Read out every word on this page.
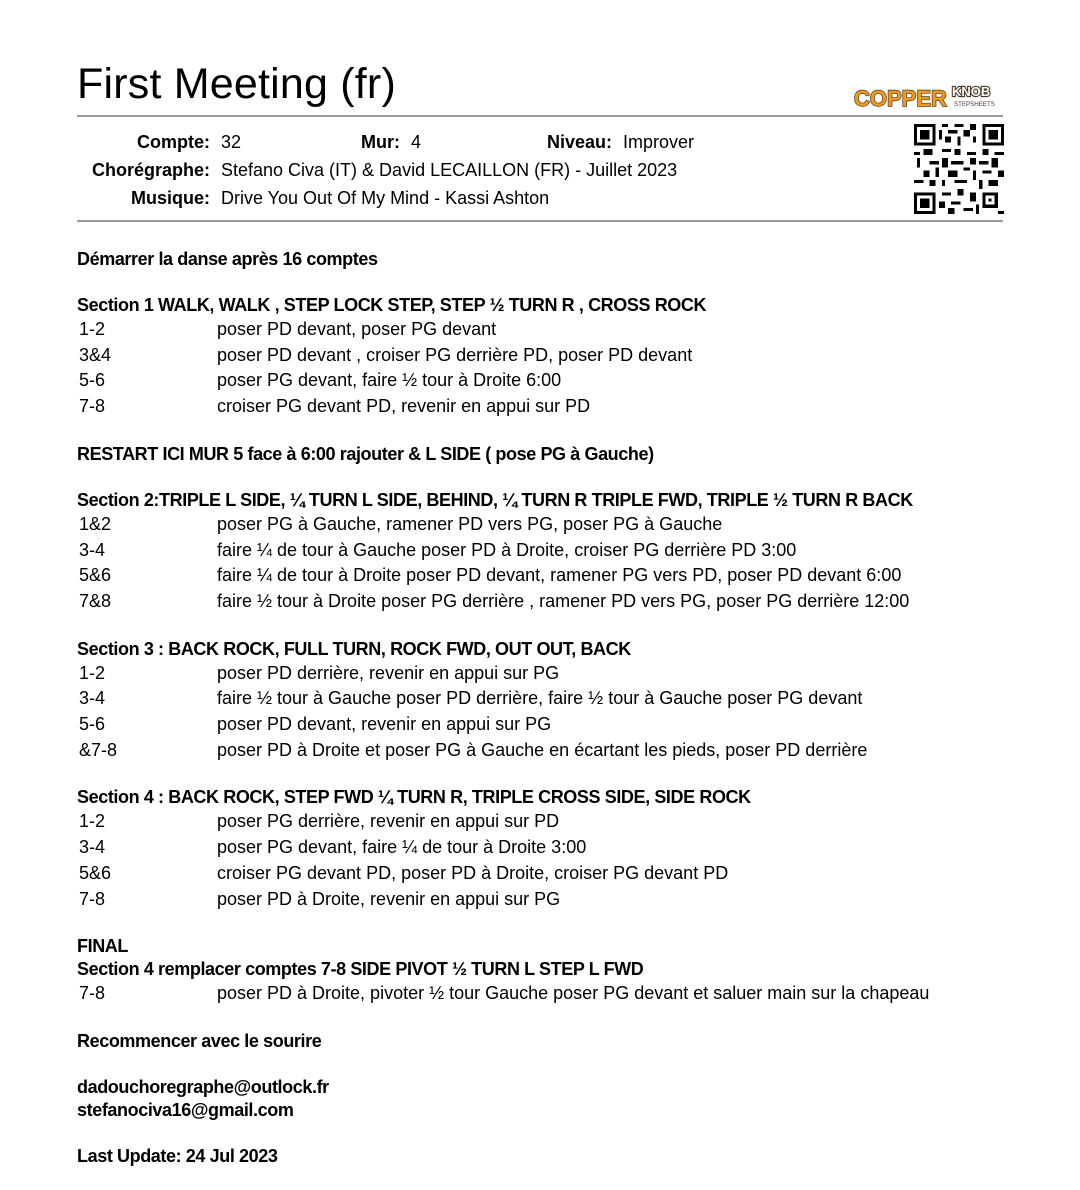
First Meeting (fr)	COPPER KNOB
STEPSHEETS
Compte: 32	Mur: 4	Niveau: Improver
Chorégraphe: Stefano Civa (IT) & David LECAILLON (FR) - Juillet 2023
Musique: Drive You Out Of My Mind - Kassi Ashton
Démarrer la danse après 16 comptes
Section 1 WALK, WALK , STEP LOCK STEP, STEP ½ TURN R , CROSS ROCK
1-2	poser PD devant, poser PG devant
3&4	poser PD devant , croiser PG derrière PD, poser PD devant
5-6	poser PG devant, faire ½ tour à Droite 6:00
7-8	croiser PG devant PD, revenir en appui sur PD
RESTART ICI MUR 5 face à 6:00 rajouter & L SIDE ( pose PG à Gauche)
Section 2:TRIPLE L SIDE, ¼ TURN L SIDE, BEHIND, ¼ TURN R TRIPLE FWD, TRIPLE ½ TURN R BACK
1&2	poser PG à Gauche, ramener PD vers PG, poser PG à Gauche
3-4	faire ¼ de tour à Gauche poser PD à Droite, croiser PG derrière PD 3:00
5&6	faire ¼ de tour à Droite poser PD devant, ramener PG vers PD, poser PD devant 6:00
7&8	faire ½ tour à Droite poser PG derrière , ramener PD vers PG, poser PG derrière 12:00
Section 3 : BACK ROCK, FULL TURN, ROCK FWD, OUT OUT, BACK
1-2	poser PD derrière, revenir en appui sur PG
3-4	faire ½ tour à Gauche poser PD derrière, faire ½ tour à Gauche poser PG devant
5-6	poser PD devant, revenir en appui sur PG
&7-8	poser PD à Droite et poser PG à Gauche en écartant les pieds, poser PD derrière
Section 4 : BACK ROCK, STEP FWD ¼ TURN R, TRIPLE CROSS SIDE, SIDE ROCK
1-2	poser PG derrière, revenir en appui sur PD
3-4	poser PG devant, faire ¼ de tour à Droite 3:00
5&6	croiser PG devant PD, poser PD à Droite, croiser PG devant PD
7-8	poser PD à Droite, revenir en appui sur PG
FINAL
Section 4 remplacer comptes 7-8 SIDE PIVOT ½ TURN L STEP L FWD
7-8	poser PD à Droite, pivoter ½ tour Gauche poser PG devant et saluer main sur la chapeau
Recommencer avec le sourire
dadouchoregraphe@outlock.fr
stefanociva16@gmail.com
Last Update: 24 Jul 2023
